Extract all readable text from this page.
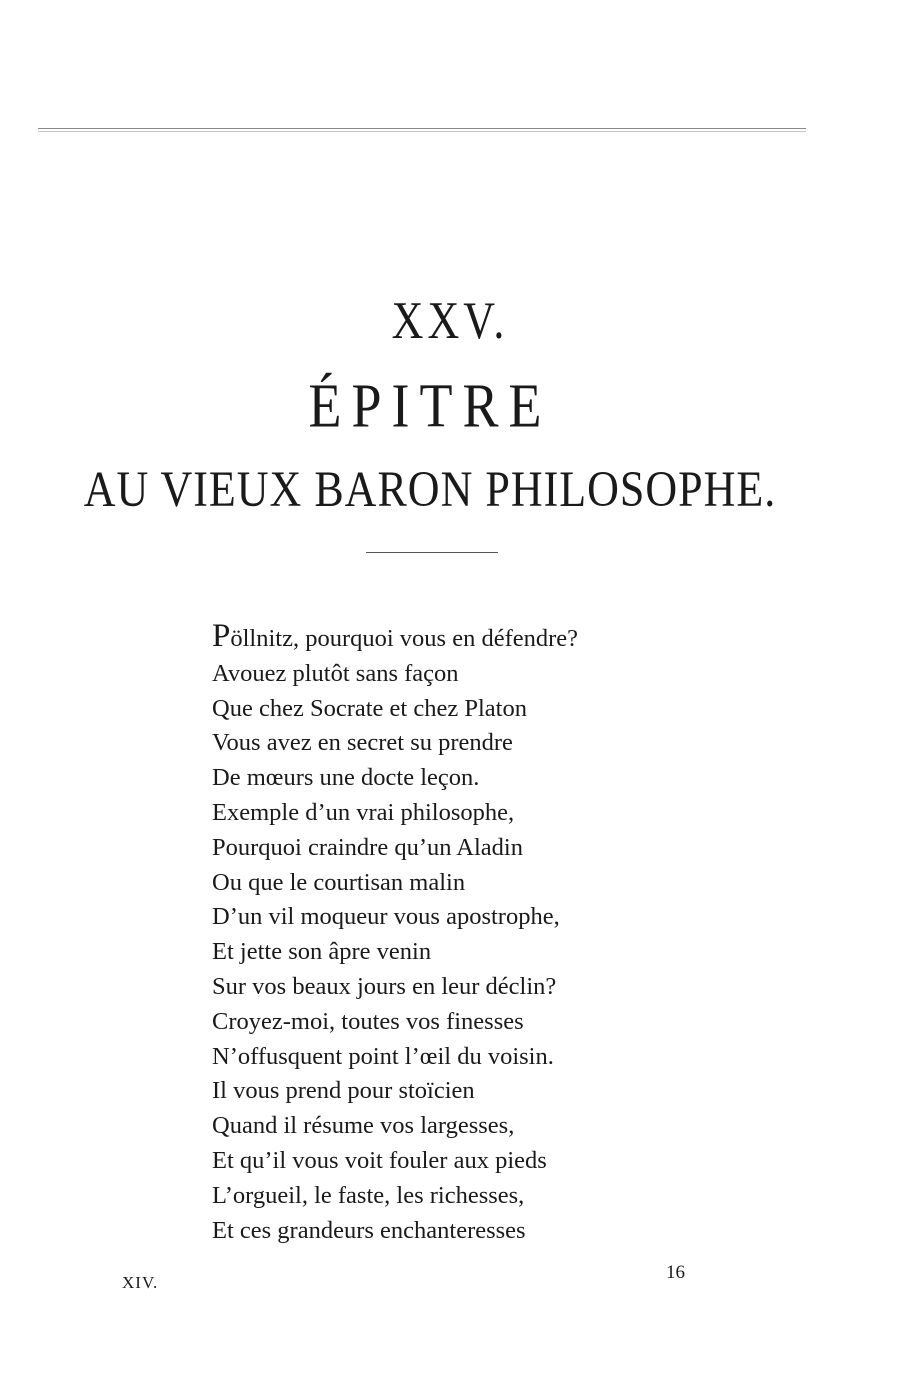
XXV.
ÉPITRE
AU VIEUX BARON PHILOSOPHE.
Pöllnitz, pourquoi vous en défendre?
Avouez plutôt sans façon
Que chez Socrate et chez Platon
Vous avez en secret su prendre
De mœurs une docte leçon.
Exemple d’un vrai philosophe,
Pourquoi craindre qu’un Aladin
Ou que le courtisan malin
D’un vil moqueur vous apostrophe,
Et jette son âpre venin
Sur vos beaux jours en leur déclin?
Croyez-moi, toutes vos finesses
N’offusquent point l’œil du voisin.
Il vous prend pour stoïcien
Quand il résume vos largesses,
Et qu’il vous voit fouler aux pieds
L’orgueil, le faste, les richesses,
Et ces grandeurs enchanteresses
XIV.	16
